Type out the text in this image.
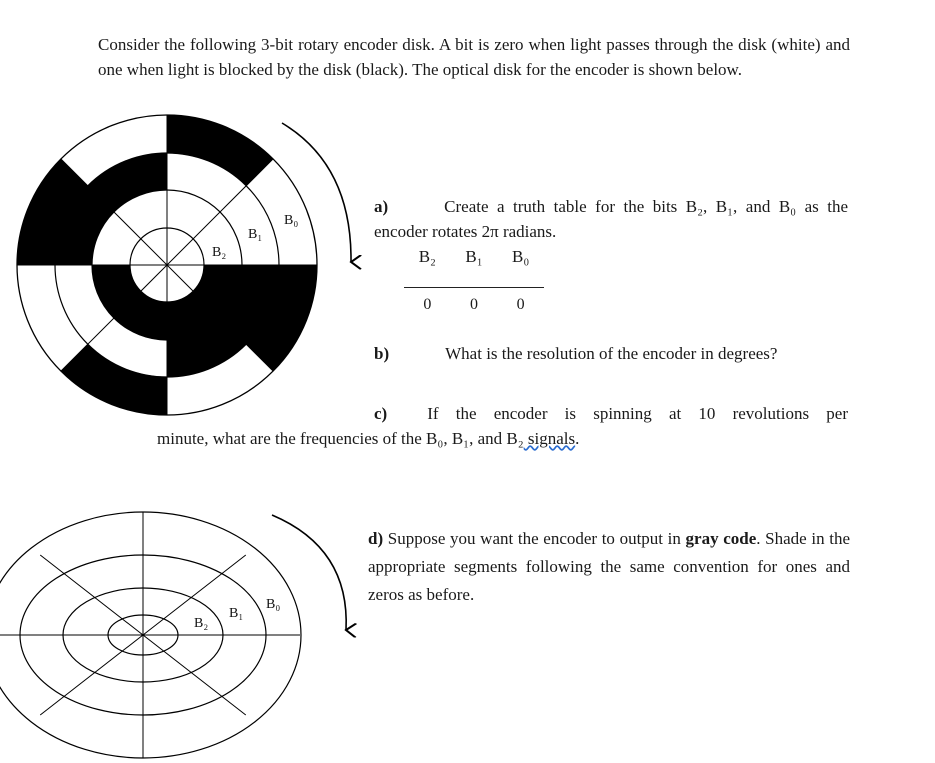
Consider the following 3-bit rotary encoder disk. A bit is zero when light passes through the disk (white) and one when light is blocked by the disk (black). The optical disk for the encoder is shown below.

a)	Create a truth table for the bits B₂, B₁, and B₀ as the encoder rotates 2π radians.
B₂	B₁	B₀
0	0	0
b)	What is the resolution of the encoder in degrees?
c)	If the encoder is spinning at 10 revolutions per
minute, what are the frequencies of the B₀, B₁, and B₂ signals.
d) Suppose you want the encoder to output in gray code. Shade in the appropriate segments following the same convention for ones and zeros as before.
B₀
B₁
B₂
B₀
B₁
B₂
